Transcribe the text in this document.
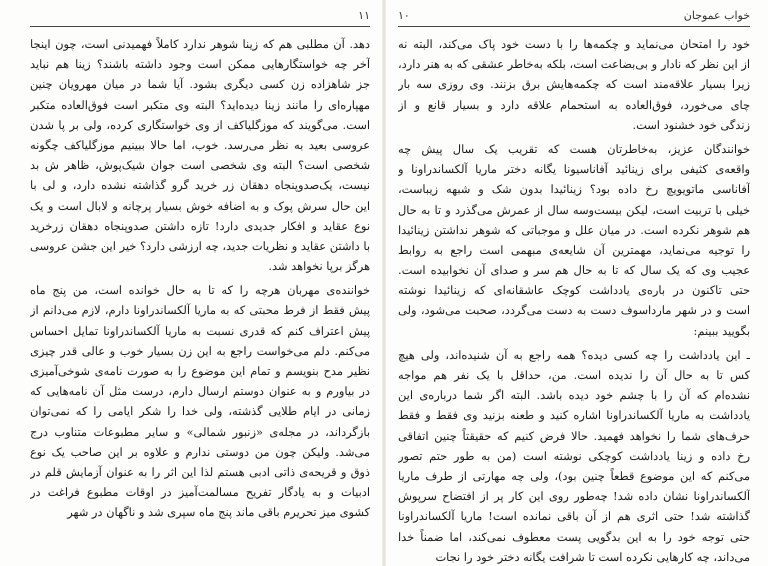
۱۱
دهد. آن مطلبی هم که زینا شوهر ندارد کاملاً فهمیدنی است، چون اینجا
آخر چه خواستگارهایی ممکن است وجود داشته باشند؟ زینا هم نباید
جز شاهزاده زن کسی دیگری بشود. آیا شما در میان مهرویان چنین
مهپاره‌ای را مانند زینا دیده‌اید؟ البته وی متکبر است فوق‌العاده متکبر
است. می‌گویند که موزگلیاکف از وی خواستگاری کرده، ولی بر پا شدن
عروسی بعید به نظر می‌رسد. خوب، اما حالا ببینیم موزگلیاکف چگونه
شخصی است؟ البته وی شخصی است جوان شیک‌پوش، ظاهر ش بد
نیست، یک‌صدوپنجاه دهقان زر خرید گرو گذاشته نشده دارد، و لی با
این حال سرش پوک و به اضافه خوش بسیار پرچانه و لابال است و یک
نوع عقاید و افکار جدیدی دارد! تازه داشتن صدوپنجاه دهقان زرخرید
با داشتن عقاید و نظریات جدید، چه ارزشی دارد؟ خیر این جشن عروسی
هرگز برپا نخواهد شد.
خواننده‌ی مهربان هرچه را که تا به حال خوانده است، من پنج ماه
پیش فقط از فرط محبتی که به ماریا آلکساندراونا دارم، لازم می‌دانم از
پیش اعتراف کنم که قدری نسبت به ماریا آلکساندراونا تمایل احساس
می‌کنم. دلم می‌خواست راجع به این زن بسیار خوب و عالی قدر چیزی
نظیر مدح بنویسم و تمام این موضوع را به صورت نامه‌ی شوخی‌آمیزی
در بیاورم و به عنوان دوستم ارسال دارم، درست مثل آن نامه‌هایی که
زمانی در ایام طلایی گذشته، ولی خدا را شکر ایامی را که نمی‌توان
بازگرداند، در مجله‌ی «زنبور شمالی» و سایر مطبوعات متناوب درج
می‌شد. ولیکن چون من دوستی ندارم و علاوه بر این صاحب یک نوع
ذوق و قریحه‌ی ذاتی ادبی هستم لذا این اثر را به عنوان آزمایش قلم در
ادبیات و به یادگار تفریح مسالمت‌آمیز در اوقات مطبوع فراغت در
کشوی میز تحریرم باقی ماند پنج ماه سپری شد و ناگهان در شهر
خواب عموجان
۱۰
خود را امتحان می‌نماید و چکمه‌ها را با دست خود پاک می‌کند، البته نه
از این نظر که نادار و بی‌بضاعت است، بلکه به‌خاطر عشقی که به هنر دارد،
زیرا بسیار علاقه‌مند است که چکمه‌هایش برق بزنند. وی روزی سه بار
چای می‌خورد، فوق‌العاده به استحمام علاقه دارد و بسیار قانع و از
زندگی خود خشنود است.
خوانندگان عزیز، به‌خاطرتان هست که تقریب یک سال پیش چه
واقعه‌ی کثیفی برای زینائید آفاناسیونا یگانه دختر ماریا آلکساندراونا و
آفاناسی ماتویویچ رخ داده بود؟ زینائیدا بدون شک و شبهه زیباست،
خیلی با تربیت است، لیکن بیست‌وسه سال از عمرش می‌گذرد و تا به حال
هم شوهر نکرده است. در میان علل و موجباتی که شوهر نداشتن زینائیدا
را توجیه می‌نماید، مهمترین آن شایعه‌ی مبهمی است راجع به روابط
عجیب وی که یک سال که تا به حال هم سر و صدای آن نخوابیده است.
حتی تاکنون در باره‌ی یادداشت کوچک عاشقانه‌ای که زینائیدا نوشته
است و در شهر مارداسوف دست به دست می‌گردد، صحبت می‌شود، ولی
بگویید ببینم:
ـ این یادداشت را چه کسی دیده؟ همه راجع به آن شنیده‌اند، ولی هیچ
کس تا به حال آن را ندیده است. من، حداقل با یک نفر هم مواجه
نشده‌ام که آن را با چشم خود دیده باشد. البته اگر شما درباره‌ی این
یادداشت به ماریا آلکساندراونا اشاره کنید و طعنه بزنید وی فقط و فقط
حرف‌های شما را نخواهد فهمید. حالا فرض کنیم که حقیقتاً چنین اتفاقی
رخ داده و زینا یادداشت کوچکی نوشته است (من به طور حتم تصور
می‌کنم که این موضوع قطعاً چنین بود)، ولی چه مهارتی از طرف ماریا
آلکساندراونا نشان داده شد! چه‌طور روی این کار پر از افتضاح سرپوش
گذاشته شد! حتی اثری هم از آن باقی نمانده است! ماریا آلکساندراونا
حتی توجه خود را به این بدگویی پست معطوف نمی‌کند، اما ضمناً خدا
می‌داند، چه کارهایی نکرده است تا شرافت یگانه دختر خود را نجات
